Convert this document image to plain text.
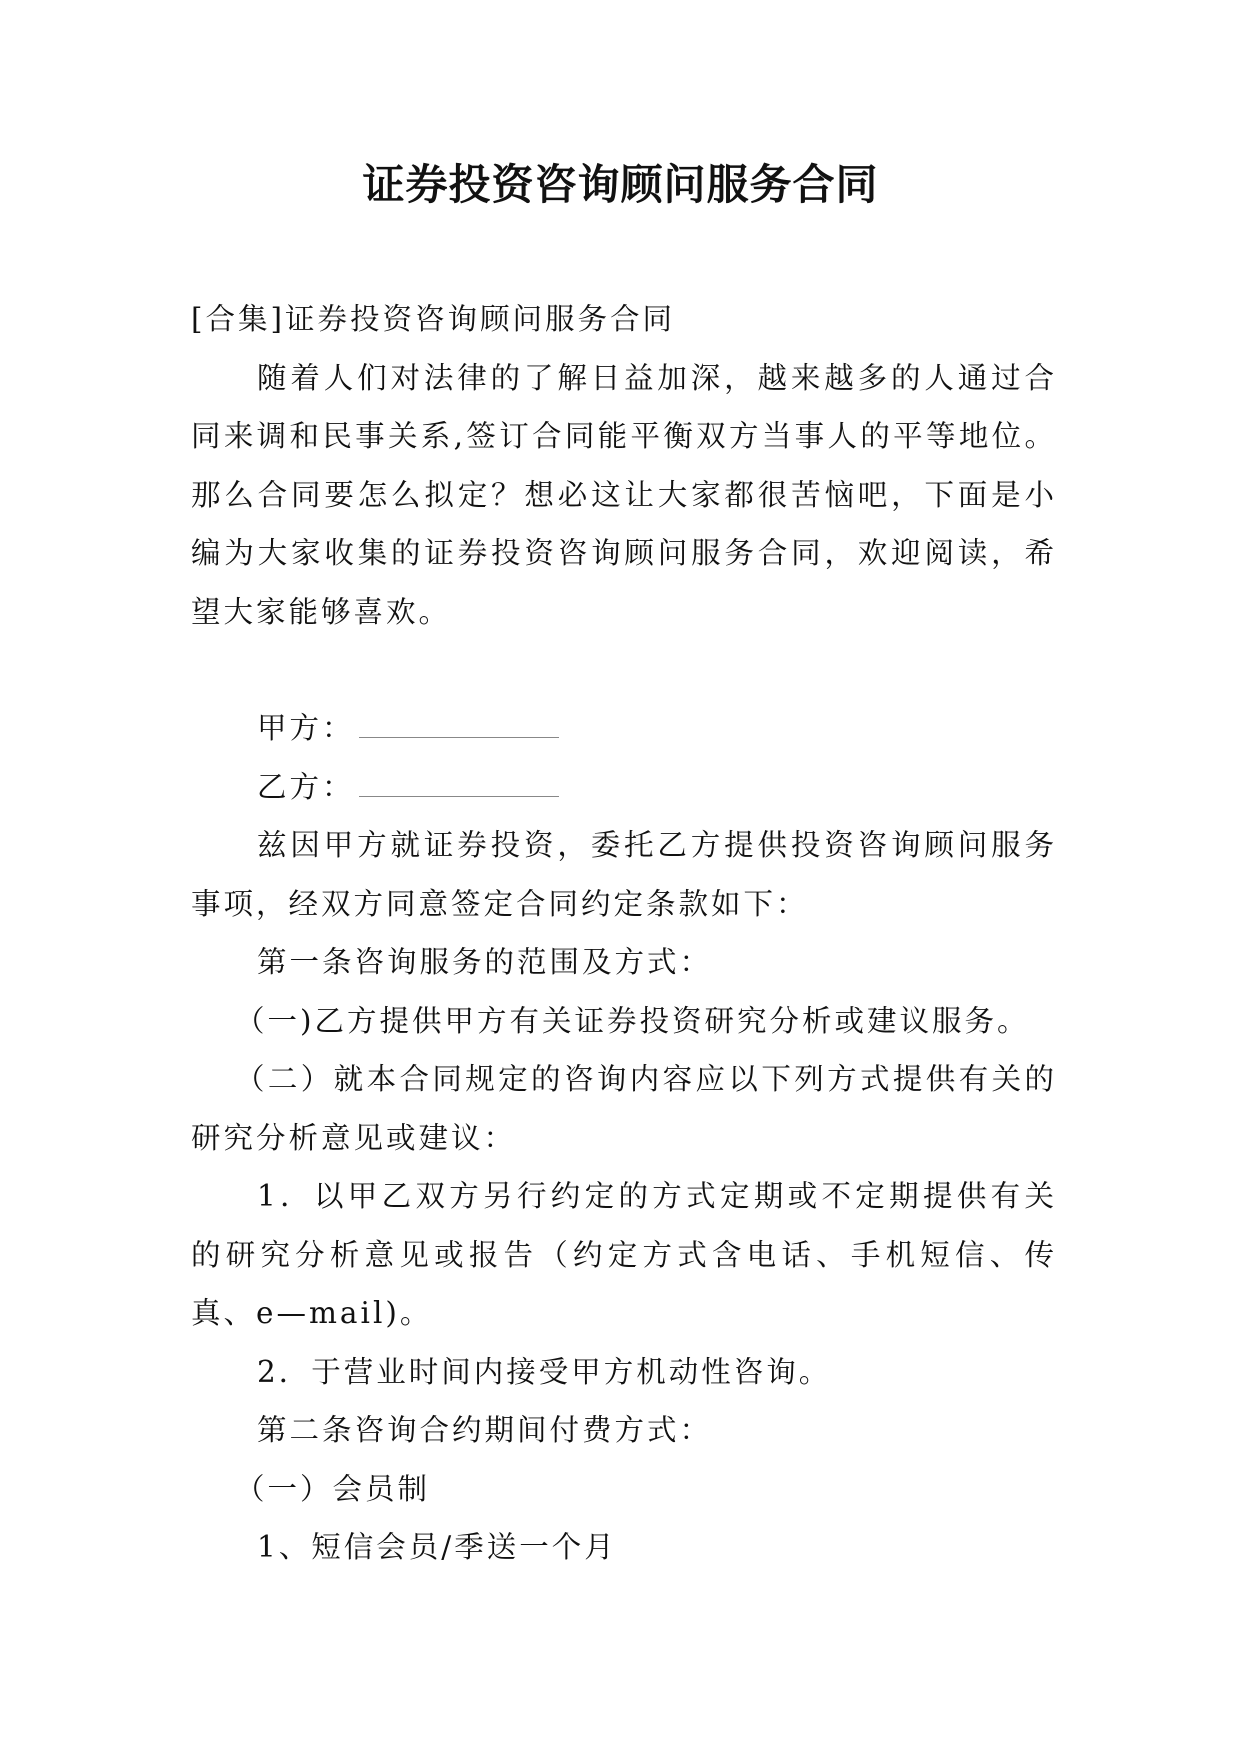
证券投资咨询顾问服务合同

[合集]证券投资咨询顾问服务合同

随着人们对法律的了解日益加深，越来越多的人通过合同来调和民事关系,签订合同能平衡双方当事人的平等地位。那么合同要怎么拟定？想必这让大家都很苦恼吧，下面是小编为大家收集的证券投资咨询顾问服务合同，欢迎阅读，希望大家能够喜欢。

甲方：

乙方：

兹因甲方就证券投资，委托乙方提供投资咨询顾问服务事项，经双方同意签定合同约定条款如下：

第一条咨询服务的范围及方式：

（一)乙方提供甲方有关证券投资研究分析或建议服务。

（二）就本合同规定的咨询内容应以下列方式提供有关的研究分析意见或建议：

1．以甲乙双方另行约定的方式定期或不定期提供有关的研究分析意见或报告（约定方式含电话、手机短信、传真、e—mail)。

2．于营业时间内接受甲方机动性咨询。

第二条咨询合约期间付费方式：

（一）会员制

1、短信会员/季送一个月
